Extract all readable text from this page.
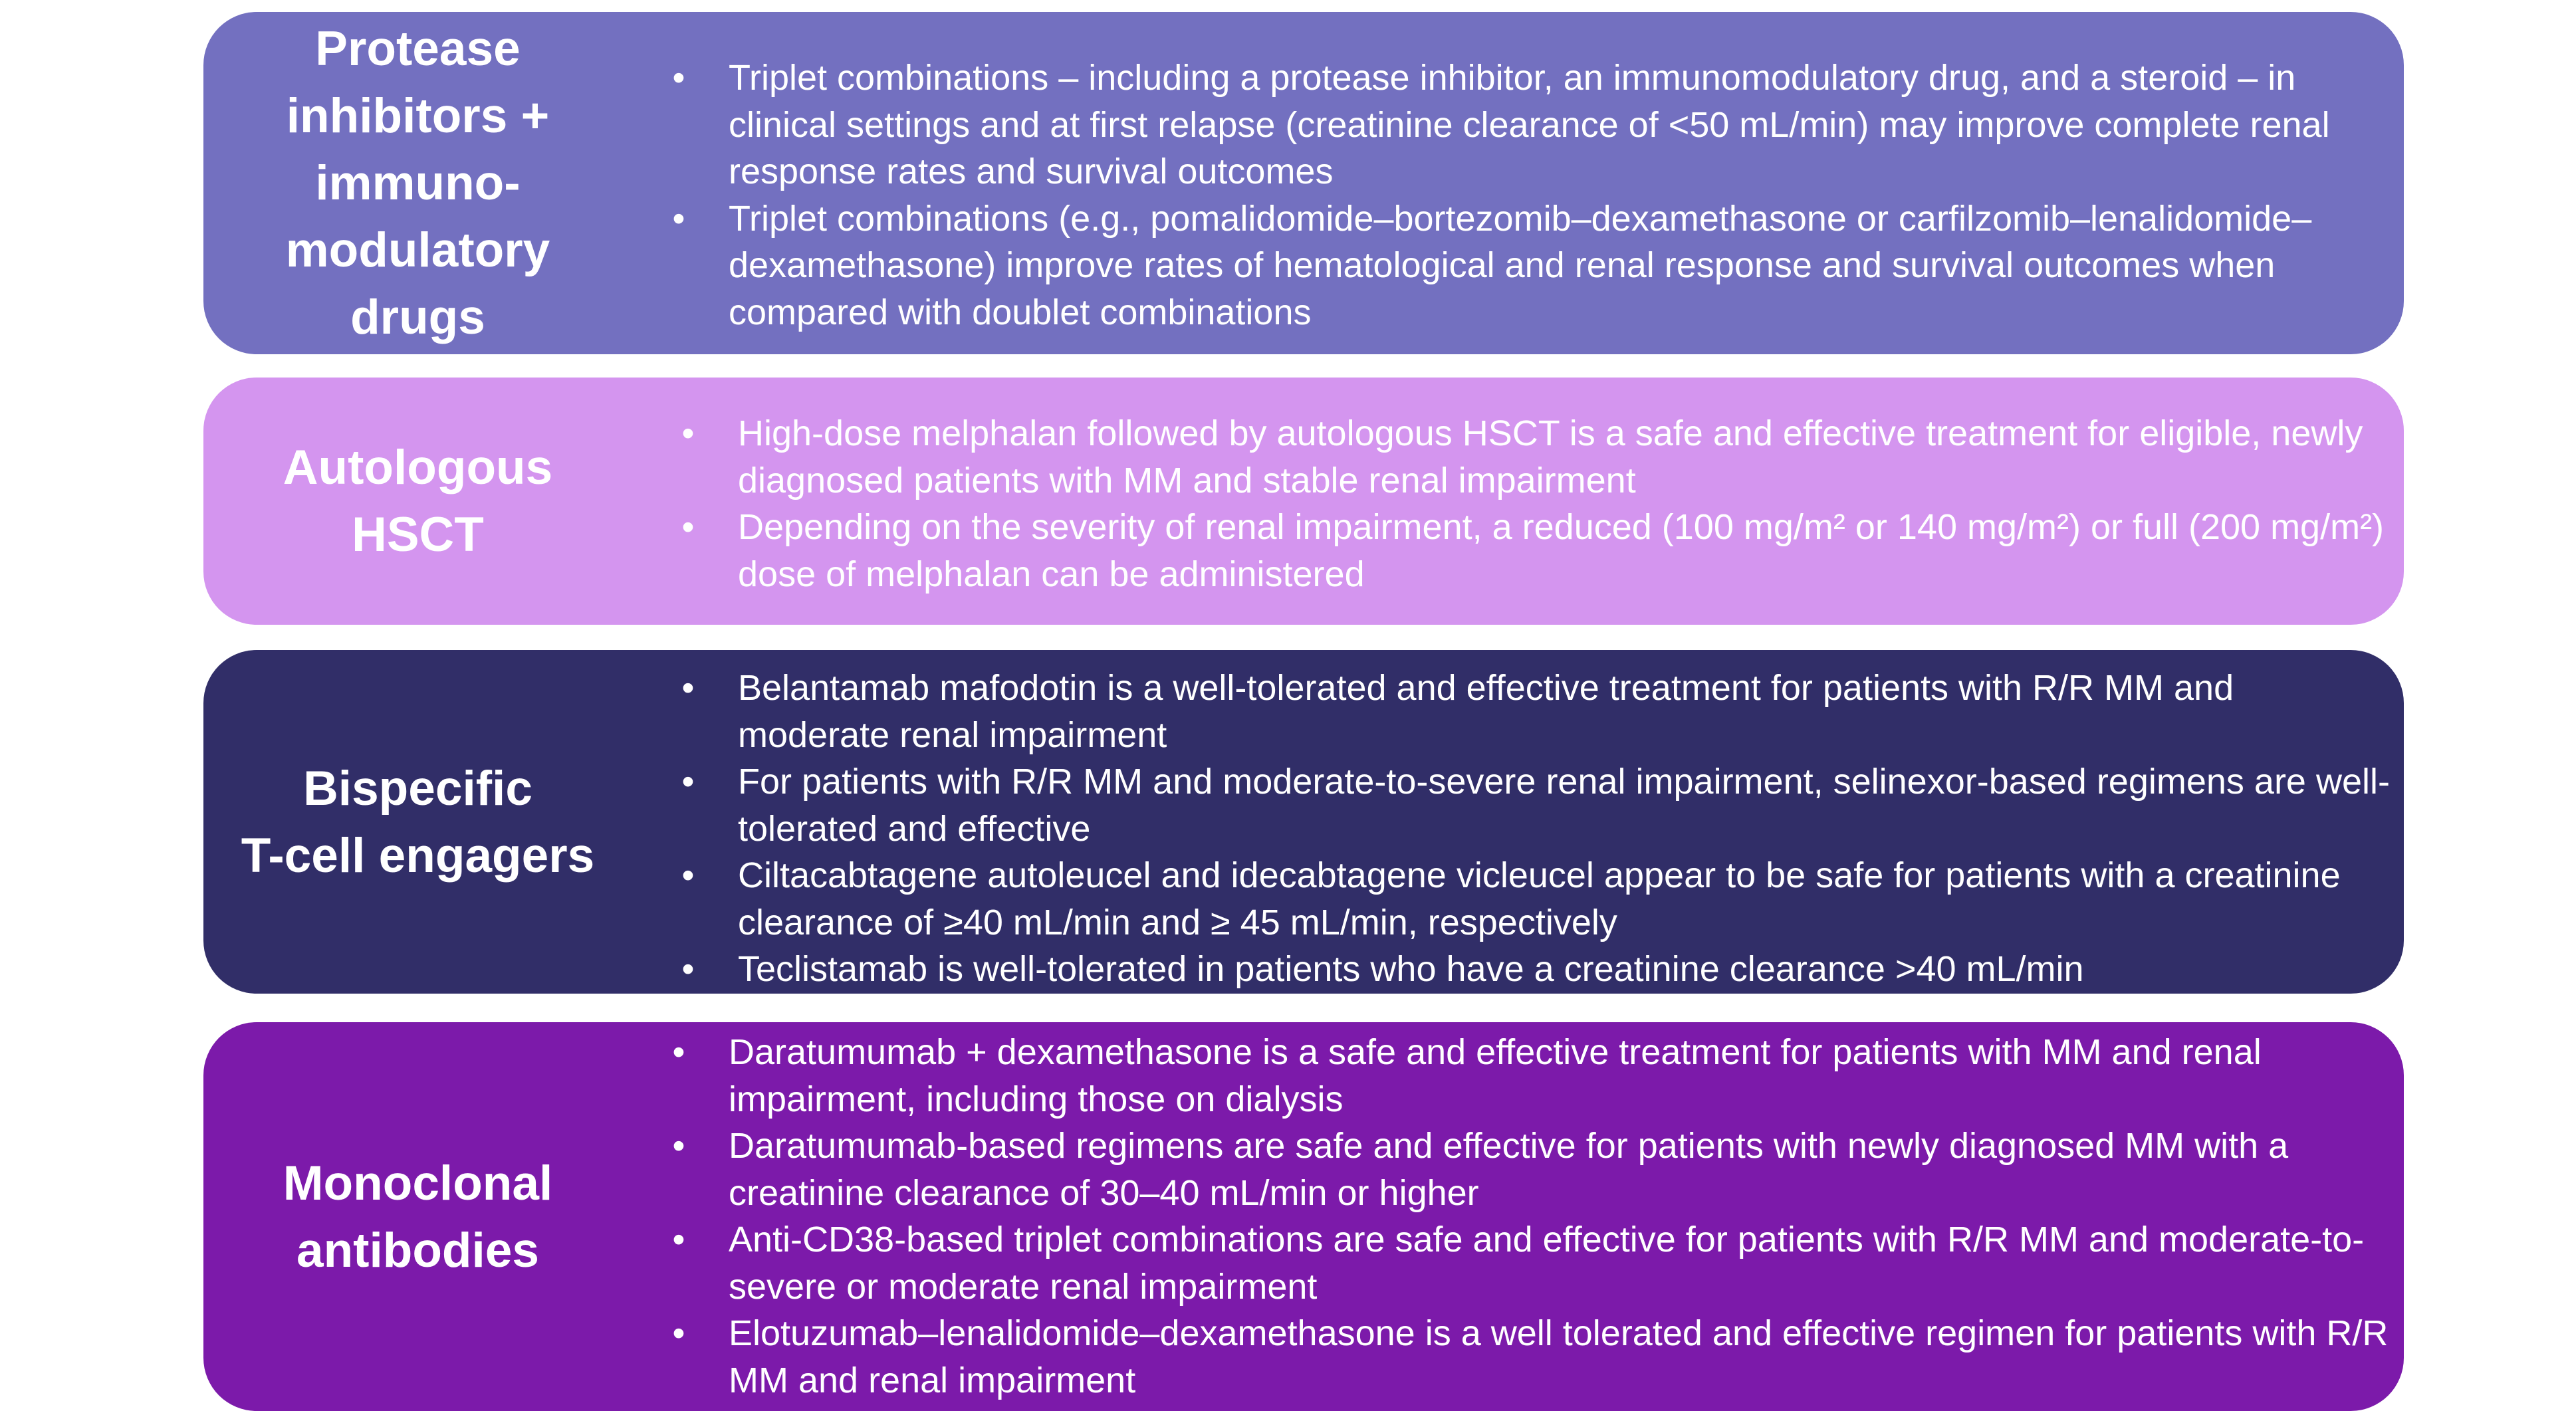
Protease
inhibitors +
immuno-
modulatory
drugs
• Triplet combinations – including a protease inhibitor, an immunomodulatory drug, and a steroid – in clinical settings and at first relapse (creatinine clearance of <50 mL/min) may improve complete renal response rates and survival outcomes
• Triplet combinations (e.g., pomalidomide–bortezomib–dexamethasone or carfilzomib–lenalidomide–dexamethasone) improve rates of hematological and renal response and survival outcomes when compared with doublet combinations
Autologous
HSCT
• High-dose melphalan followed by autologous HSCT is a safe and effective treatment for eligible, newly diagnosed patients with MM and stable renal impairment
• Depending on the severity of renal impairment, a reduced (100 mg/m² or 140 mg/m²) or full (200 mg/m²) dose of melphalan can be administered
Bispecific
T-cell engagers
• Belantamab mafodotin is a well-tolerated and effective treatment for patients with R/R MM and moderate renal impairment
• For patients with R/R MM and moderate-to-severe renal impairment, selinexor-based regimens are well-tolerated and effective
• Ciltacabtagene autoleucel and idecabtagene vicleucel appear to be safe for patients with a creatinine clearance of ≥40 mL/min and ≥ 45 mL/min, respectively
• Teclistamab is well-tolerated in patients who have a creatinine clearance >40 mL/min
Monoclonal
antibodies
• Daratumumab + dexamethasone is a safe and effective treatment for patients with MM and renal impairment, including those on dialysis
• Daratumumab-based regimens are safe and effective for patients with newly diagnosed MM with a creatinine clearance of 30–40 mL/min or higher
• Anti-CD38-based triplet combinations are safe and effective for patients with R/R MM and moderate-to-severe or moderate renal impairment
• Elotuzumab–lenalidomide–dexamethasone is a well tolerated and effective regimen for patients with R/R MM and renal impairment
